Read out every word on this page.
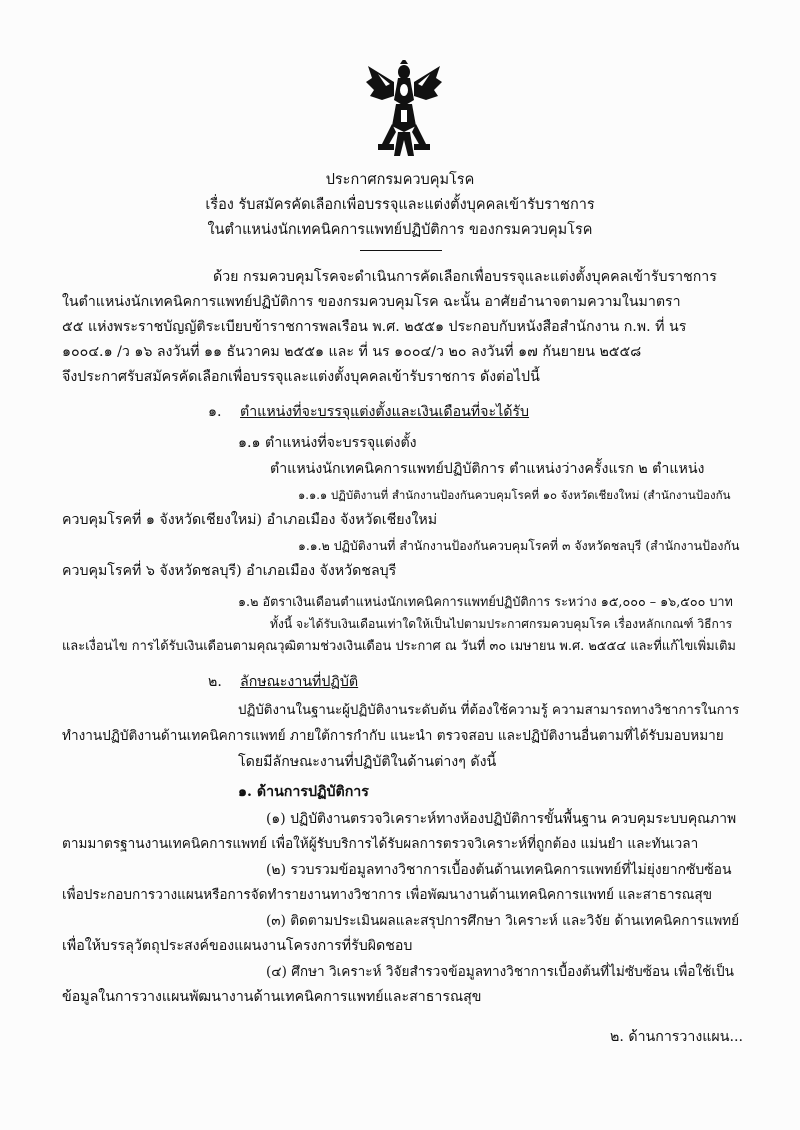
ประกาศกรมควบคุมโรค
เรื่อง รับสมัครคัดเลือกเพื่อบรรจุและแต่งตั้งบุคคลเข้ารับราชการ
ในตำแหน่งนักเทคนิคการแพทย์ปฏิบัติการ ของกรมควบคุมโรค
ด้วย กรมควบคุมโรคจะดำเนินการคัดเลือกเพื่อบรรจุและแต่งตั้งบุคคลเข้ารับราชการ
ในตำแหน่งนักเทคนิคการแพทย์ปฏิบัติการ ของกรมควบคุมโรค ฉะนั้น อาศัยอำนาจตามความในมาตรา
๕๕ แห่งพระราชบัญญัติระเบียบข้าราชการพลเรือน พ.ศ. ๒๕๕๑ ประกอบกับหนังสือสำนักงาน ก.พ. ที่ นร
๑๐๐๔.๑ /ว ๑๖ ลงวันที่ ๑๑ ธันวาคม ๒๕๕๑ และ ที่ นร ๑๐๐๔/ว ๒๐ ลงวันที่ ๑๗ กันยายน ๒๕๕๘
จึงประกาศรับสมัครคัดเลือกเพื่อบรรจุและแต่งตั้งบุคคลเข้ารับราชการ ดังต่อไปนี้
๑. ตำแหน่งที่จะบรรจุแต่งตั้งและเงินเดือนที่จะได้รับ
๑.๑ ตำแหน่งที่จะบรรจุแต่งตั้ง
ตำแหน่งนักเทคนิคการแพทย์ปฏิบัติการ ตำแหน่งว่างครั้งแรก ๒ ตำแหน่ง
๑.๑.๑ ปฏิบัติงานที่ สำนักงานป้องกันควบคุมโรคที่ ๑๐ จังหวัดเชียงใหม่ (สำนักงานป้องกัน
ควบคุมโรคที่ ๑ จังหวัดเชียงใหม่) อำเภอเมือง จังหวัดเชียงใหม่
๑.๑.๒ ปฏิบัติงานที่ สำนักงานป้องกันควบคุมโรคที่ ๓ จังหวัดชลบุรี (สำนักงานป้องกัน
ควบคุมโรคที่ ๖ จังหวัดชลบุรี) อำเภอเมือง จังหวัดชลบุรี
๑.๒ อัตราเงินเดือนตำแหน่งนักเทคนิคการแพทย์ปฏิบัติการ ระหว่าง ๑๕,๐๐๐ – ๑๖,๕๐๐ บาท
ทั้งนี้ จะได้รับเงินเดือนเท่าใดให้เป็นไปตามประกาศกรมควบคุมโรค เรื่องหลักเกณฑ์ วิธีการ
และเงื่อนไข การได้รับเงินเดือนตามคุณวุฒิตามช่วงเงินเดือน ประกาศ ณ วันที่ ๓๐ เมษายน พ.ศ. ๒๕๕๔ และที่แก้ไขเพิ่มเติม
๒. ลักษณะงานที่ปฏิบัติ
ปฏิบัติงานในฐานะผู้ปฏิบัติงานระดับต้น ที่ต้องใช้ความรู้ ความสามารถทางวิชาการในการ
ทำงานปฏิบัติงานด้านเทคนิคการแพทย์ ภายใต้การกำกับ แนะนำ ตรวจสอบ และปฏิบัติงานอื่นตามที่ได้รับมอบหมาย
โดยมีลักษณะงานที่ปฏิบัติในด้านต่างๆ ดังนี้
๑. ด้านการปฏิบัติการ
(๑) ปฏิบัติงานตรวจวิเคราะห์ทางห้องปฏิบัติการขั้นพื้นฐาน ควบคุมระบบคุณภาพ
ตามมาตรฐานงานเทคนิคการแพทย์ เพื่อให้ผู้รับบริการได้รับผลการตรวจวิเคราะห์ที่ถูกต้อง แม่นยำ และทันเวลา
(๒) รวบรวมข้อมูลทางวิชาการเบื้องต้นด้านเทคนิคการแพทย์ที่ไม่ยุ่งยากซับซ้อน
เพื่อประกอบการวางแผนหรือการจัดทำรายงานทางวิชาการ เพื่อพัฒนางานด้านเทคนิคการแพทย์ และสาธารณสุข
(๓) ติดตามประเมินผลและสรุปการศึกษา วิเคราะห์ และวิจัย ด้านเทคนิคการแพทย์
เพื่อให้บรรลุวัตถุประสงค์ของแผนงานโครงการที่รับผิดชอบ
(๔) ศึกษา วิเคราะห์ วิจัยสำรวจข้อมูลทางวิชาการเบื้องต้นที่ไม่ซับซ้อน เพื่อใช้เป็น
ข้อมูลในการวางแผนพัฒนางานด้านเทคนิคการแพทย์และสาธารณสุข
๒. ด้านการวางแผน...
